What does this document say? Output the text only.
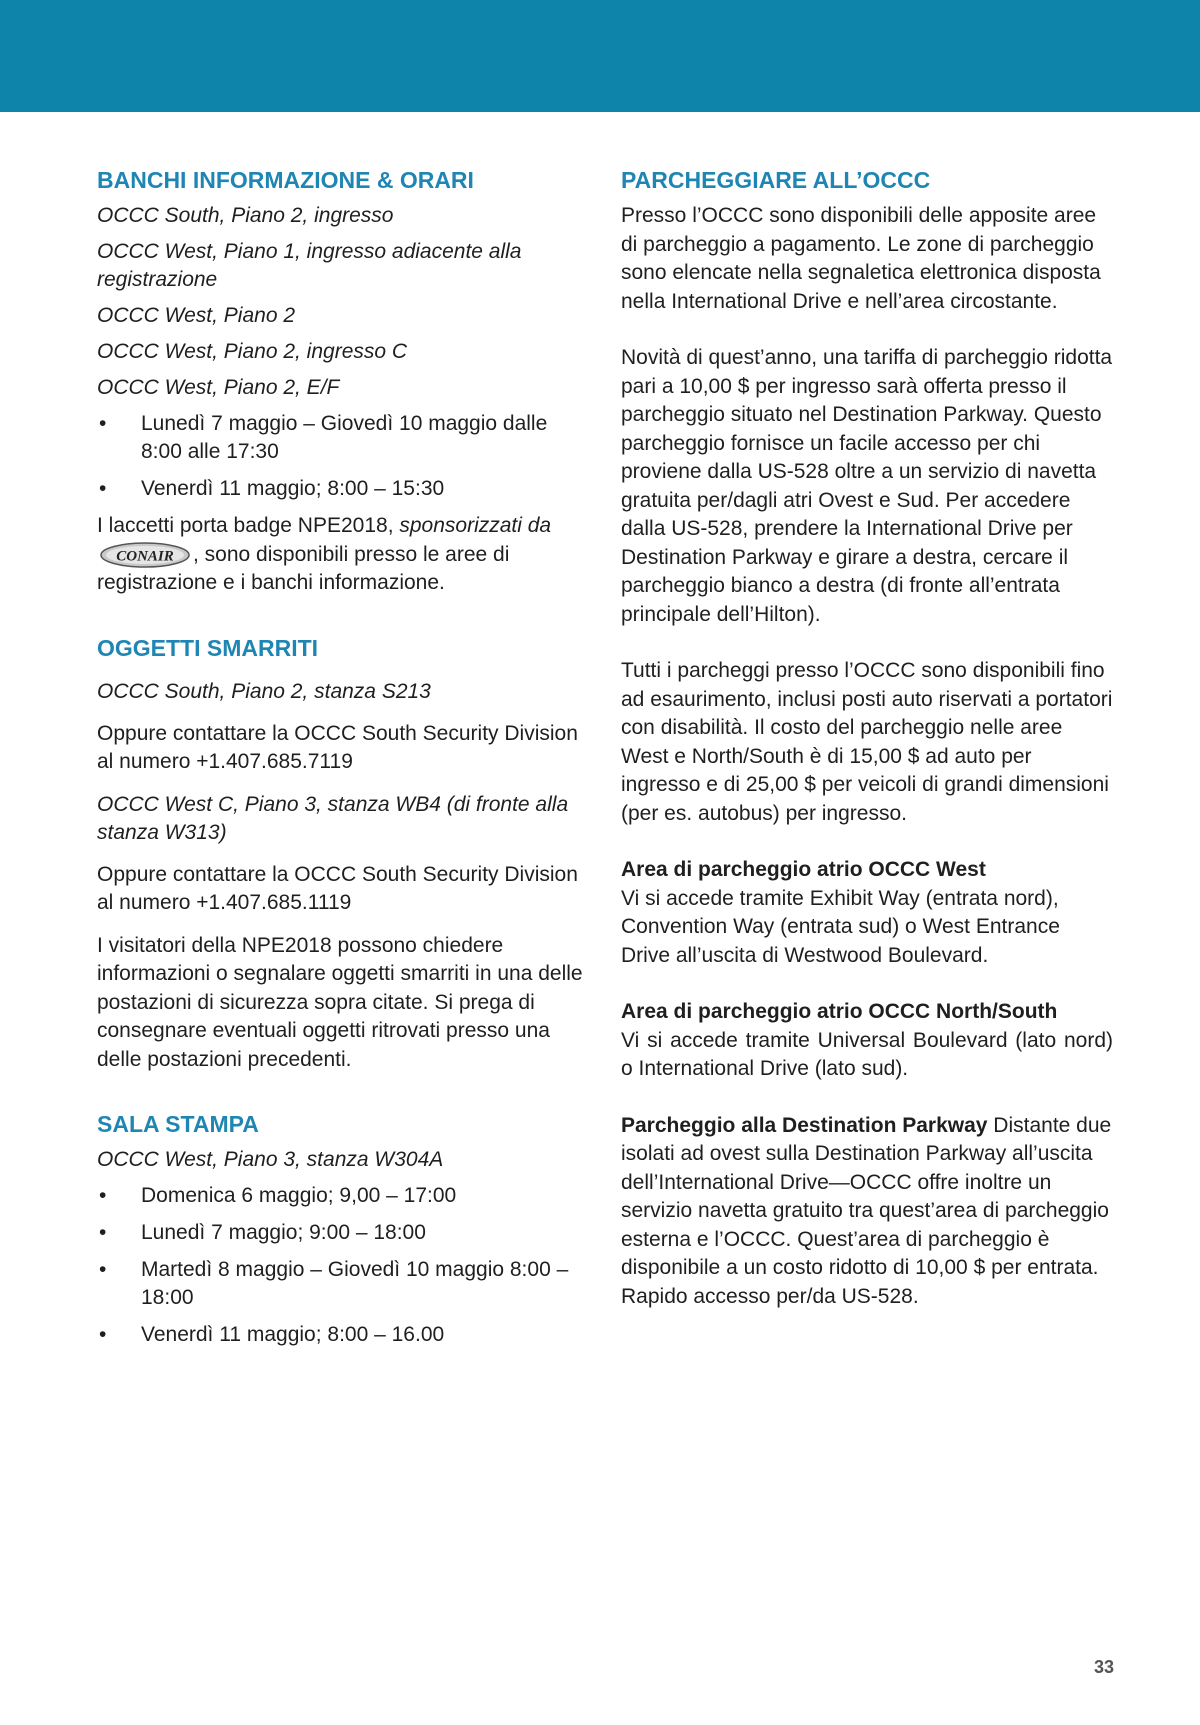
BANCHI INFORMAZIONE & ORARI
OCCC South, Piano 2, ingresso
OCCC West, Piano 1, ingresso adiacente alla registrazione
OCCC West, Piano 2
OCCC West, Piano 2, ingresso C
OCCC West, Piano 2, E/F
• Lunedì 7 maggio – Giovedì 10 maggio dalle 8:00 alle 17:30
• Venerdì 11 maggio; 8:00 – 15:30
I laccetti porta badge NPE2018, sponsorizzati da
CONAIR , sono disponibili presso le aree di registrazione e i banchi informazione.
OGGETTI SMARRITI
OCCC South, Piano 2, stanza S213
Oppure contattare la OCCC South Security Division al numero +1.407.685.7119
OCCC West C, Piano 3, stanza WB4 (di fronte alla stanza W313)
Oppure contattare la OCCC South Security Division al numero +1.407.685.1119
I visitatori della NPE2018 possono chiedere informazioni o segnalare oggetti smarriti in una delle postazioni di sicurezza sopra citate. Si prega di consegnare eventuali oggetti ritrovati presso una delle postazioni precedenti.
SALA STAMPA
OCCC West, Piano 3, stanza W304A
• Domenica 6 maggio; 9,00 – 17:00
• Lunedì 7 maggio; 9:00 – 18:00
• Martedì 8 maggio – Giovedì 10 maggio 8:00 – 18:00
• Venerdì 11 maggio; 8:00 – 16.00
PARCHEGGIARE ALL’OCCC
Presso l’OCCC sono disponibili delle apposite aree di parcheggio a pagamento. Le zone di parcheggio sono elencate nella segnaletica elettronica disposta nella International Drive e nell’area circostante.
Novità di quest’anno, una tariffa di parcheggio ridotta pari a 10,00 $ per ingresso sarà offerta presso il parcheggio situato nel Destination Parkway. Questo parcheggio fornisce un facile accesso per chi proviene dalla US-528 oltre a un servizio di navetta gratuita per/dagli atri Ovest e Sud. Per accedere dalla US-528, prendere la International Drive per Destination Parkway e girare a destra, cercare il parcheggio bianco a destra (di fronte all’entrata principale dell’Hilton).
Tutti i parcheggi presso l’OCCC sono disponibili fino ad esaurimento, inclusi posti auto riservati a portatori con disabilità. Il costo del parcheggio nelle aree West e North/South è di 15,00 $ ad auto per ingresso e di 25,00 $ per veicoli di grandi dimensioni (per es. autobus) per ingresso.
Area di parcheggio atrio OCCC West
Vi si accede tramite Exhibit Way (entrata nord), Convention Way (entrata sud) o West Entrance Drive all’uscita di Westwood Boulevard.
Area di parcheggio atrio OCCC North/South
Vi si accede tramite Universal Boulevard (lato nord) o International Drive (lato sud).
Parcheggio alla Destination Parkway Distante due isolati ad ovest sulla Destination Parkway all’uscita dell’International Drive—OCCC offre inoltre un servizio navetta gratuito tra quest’area di parcheggio esterna e l’OCCC. Quest’area di parcheggio è disponibile a un costo ridotto di 10,00 $ per entrata. Rapido accesso per/da US-528.
33
